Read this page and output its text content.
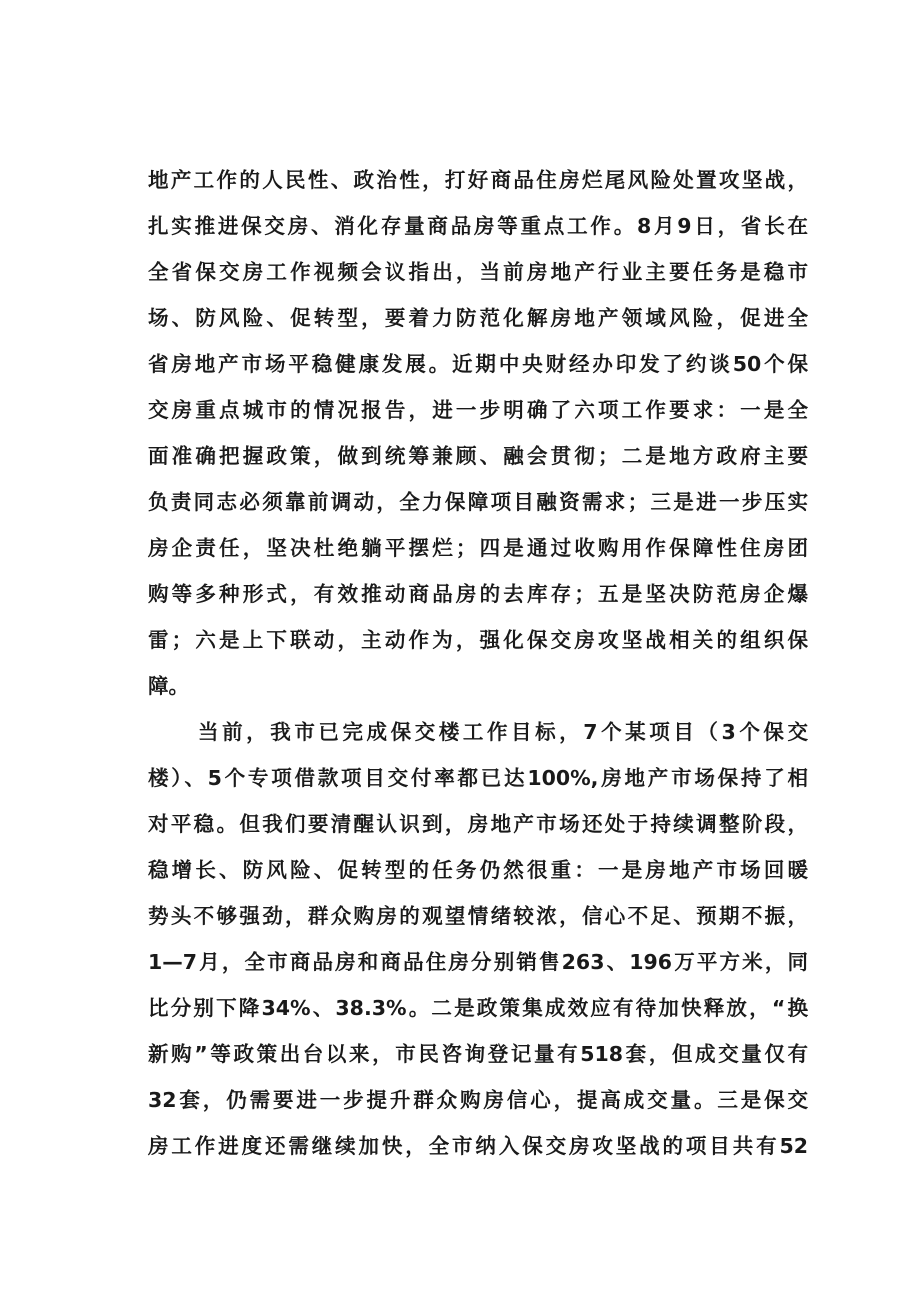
地产工作的人民性、政治性，打好商品住房烂尾风险处置攻坚战，
扎实推进保交房、消化存量商品房等重点工作。8月9日，省长在
全省保交房工作视频会议指出，当前房地产行业主要任务是稳市
场、防风险、促转型，要着力防范化解房地产领域风险，促进全
省房地产市场平稳健康发展。近期中央财经办印发了约谈50个保
交房重点城市的情况报告，进一步明确了六项工作要求：一是全
面准确把握政策，做到统筹兼顾、融会贯彻；二是地方政府主要
负责同志必须靠前调动，全力保障项目融资需求；三是进一步压实
房企责任，坚决杜绝躺平摆烂；四是通过收购用作保障性住房团
购等多种形式，有效推动商品房的去库存；五是坚决防范房企爆
雷；六是上下联动，主动作为，强化保交房攻坚战相关的组织保
障。
当前，我市已完成保交楼工作目标，7个某项目（3个保交
楼）、5个专项借款项目交付率都已达100%,房地产市场保持了相
对平稳。但我们要清醒认识到，房地产市场还处于持续调整阶段，
稳增长、防风险、促转型的任务仍然很重：一是房地产市场回暖
势头不够强劲，群众购房的观望情绪较浓，信心不足、预期不振，
1—7月，全市商品房和商品住房分别销售263、196万平方米，同
比分别下降34%、38.3%。二是政策集成效应有待加快释放，“换
新购”等政策出台以来，市民咨询登记量有518套，但成交量仅有
32套，仍需要进一步提升群众购房信心，提高成交量。三是保交
房工作进度还需继续加快，全市纳入保交房攻坚战的项目共有52
